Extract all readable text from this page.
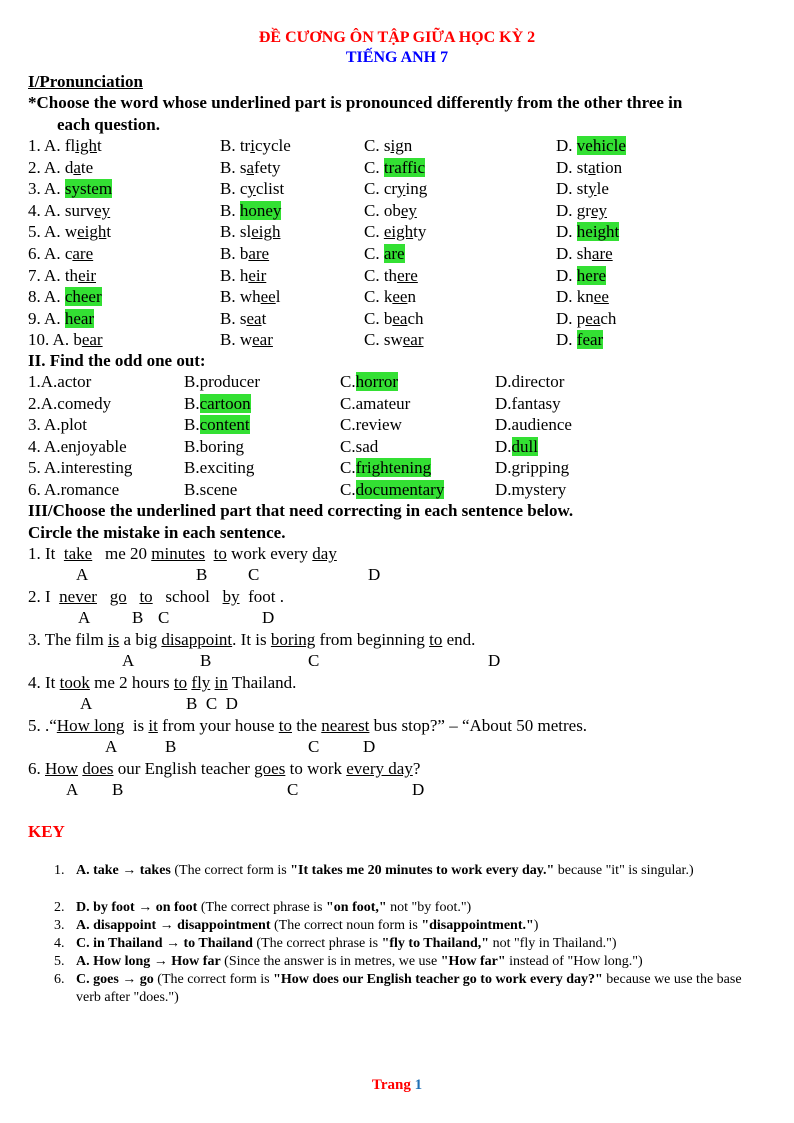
ĐỀ CƯƠNG ÔN TẬP GIỮA HỌC KỲ 2
TIẾNG ANH 7
I/Pronunciation
*Choose the word whose underlined part is pronounced differently from the other three in
each question.
1. A. flight	B. tricycle	C. sign	D. vehicle
2. A. date	B. safety	C. traffic	D. station
3. A. system	B. cyclist	C. crying	D. style
4. A. survey	B. honey	C. obey	D. grey
5. A. weight	B. sleigh	C. eighty	D. height
6. A. care	B. bare	C. are	D. share
7. A. their	B. heir	C. there	D. here
8. A. cheer	B. wheel	C. keen	D. knee
9. A. hear	B. seat	C. beach	D. peach
10. A. bear	B. wear	C. swear	D. fear
II. Find the odd one out:
1.A.actor	B.producer	C.horror	D.director
2.A.comedy	B.cartoon	C.amateur	D.fantasy
3. A.plot	B.content	C.review	D.audience
4. A.enjoyable	B.boring	C.sad	D.dull
5. A.interesting	B.exciting	C.frightening	D.gripping
6. A.romance	B.scene	C.documentary	D.mystery
III/Choose the underlined part that need correcting in each sentence below.
Circle the mistake in each sentence.
1. It  take   me 20 minutes to work every day
A	B C	D
2. I  never go to   school   by  foot .
A B C	D
3. The film is a big disappoint. It is boring from beginning to end.
A	B	C	D
4. It took me 2 hours to fly in Thailand.
A	B  C  D
5. .“How long  is it from your house to the nearest bus stop?” – “About 50 metres.
A	B	C	D
6. How does our English teacher goes to work every day?
A B	C	D
KEY
1. A. take → takes (The correct form is "It takes me 20 minutes to work every day." because "it" is singular.)
2. D. by foot → on foot (The correct phrase is "on foot," not "by foot.")
3. A. disappoint → disappointment (The correct noun form is "disappointment.")
4. C. in Thailand → to Thailand (The correct phrase is "fly to Thailand," not "fly in Thailand.")
5. A. How long → How far (Since the answer is in metres, we use "How far" instead of "How long.")
6. C. goes → go (The correct form is "How does our English teacher go to work every day?" because we use the base verb after "does.")
Trang 1
